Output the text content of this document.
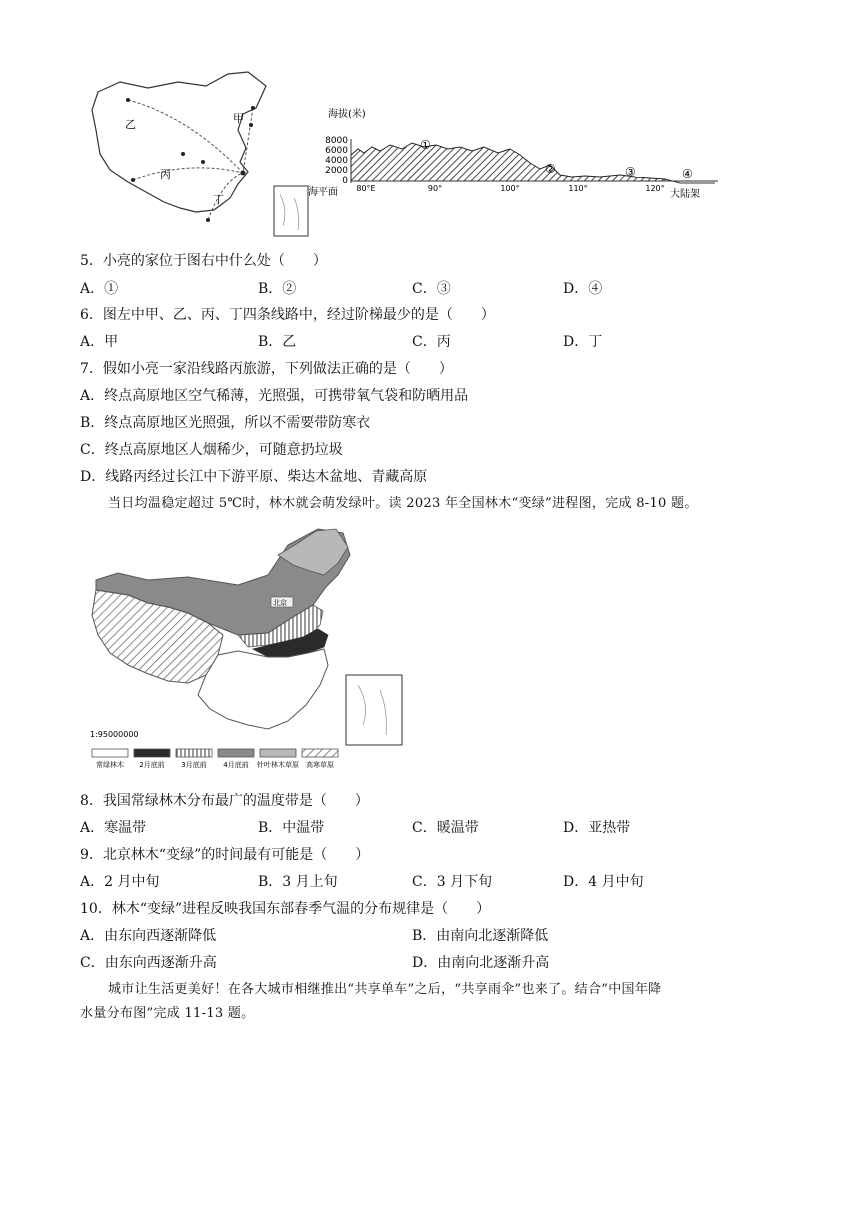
乙	甲
丙
丁
海拔(米)
8000
6000
4000
2000
0
①
②	③	④
80°E	90°	100°	110°	120°
海平面	大陆架
5．小亮的家位于图右中什么处（　　）
A．①	B．②	C．③	D．④
6．图左中甲、乙、丙、丁四条线路中，经过阶梯最少的是（　　）
A．甲	B．乙	C．丙	D．丁
7．假如小亮一家沿线路丙旅游，下列做法正确的是（　　）
A．终点高原地区空气稀薄，光照强，可携带氧气袋和防晒用品
B．终点高原地区光照强，所以不需要带防寒衣
C．终点高原地区人烟稀少，可随意扔垃圾
D．线路丙经过长江中下游平原、柴达木盆地、青藏高原
当日均温稳定超过 5℃时，林木就会萌发绿叶。读 2023 年全国林木“变绿”进程图，完成 8-10 题。
北京
1:95000000
常绿林木 2月底前 3月底前 4月底前 针叶林木草原 高寒草原
8．我国常绿林木分布最广的温度带是（　　）
A．寒温带	B．中温带	C．暖温带	D．亚热带
9．北京林木“变绿”的时间最有可能是（　　）
A．2 月中旬	B．3 月上旬	C．3 月下旬	D．4 月中旬
10．林木“变绿”进程反映我国东部春季气温的分布规律是（　　）
A．由东向西逐渐降低	B．由南向北逐渐降低
C．由东向西逐渐升高	D．由南向北逐渐升高
城市让生活更美好！在各大城市相继推出“共享单车”之后，“共享雨伞”也来了。结合“中国年降
水量分布图”完成 11-13 题。
